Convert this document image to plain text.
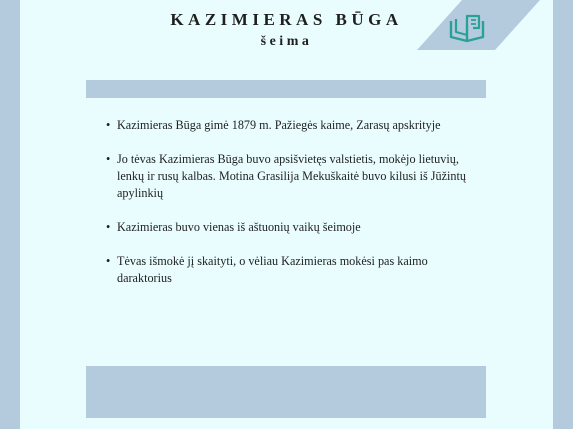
KAZIMIERAS BŪGA
šeima
• Kazimieras Būga gimė 1879 m. Pažiegės kaime, Zarasų apskrityje
• Jo tėvas Kazimieras Būga buvo apsišvietęs valstietis, mokėjo lietuvių, lenkų ir rusų kalbas. Motina Grasilija Mekuškaitė buvo kilusi iš Jūžintų apylinkių
• Kazimieras buvo vienas iš aštuonių vaikų šeimoje
• Tėvas išmokė jį skaityti, o vėliau Kazimieras mokėsi pas kaimo daraktorius
